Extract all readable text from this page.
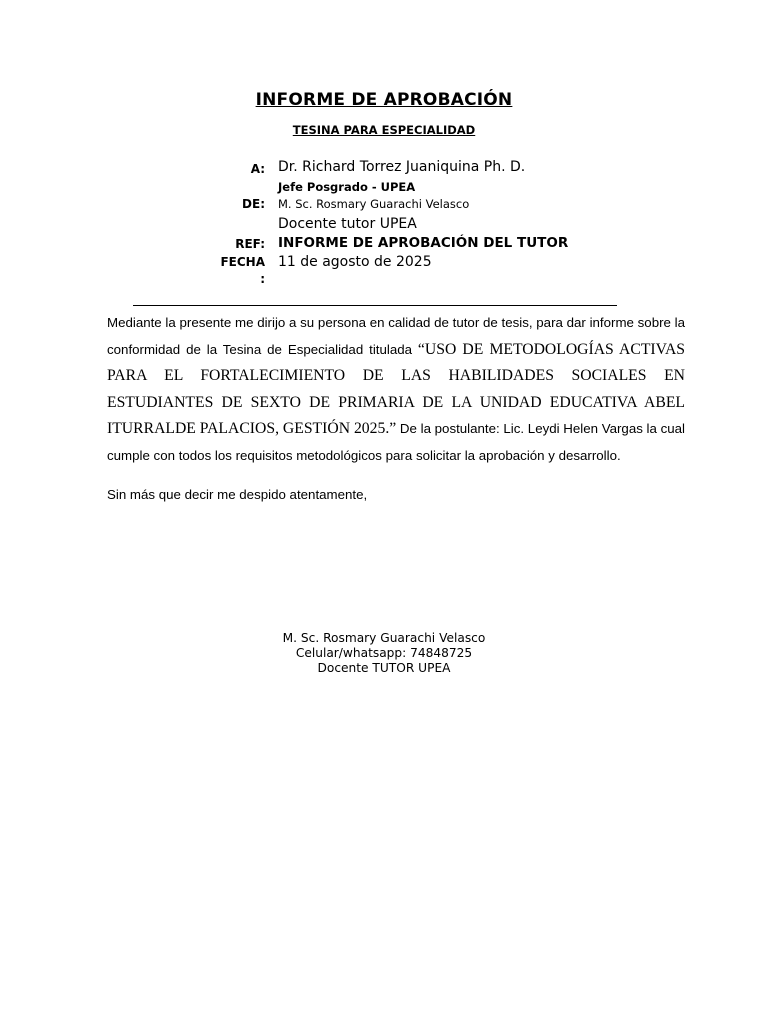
INFORME DE APROBACIÓN
TESINA PARA ESPECIALIDAD
A: Dr. Richard Torrez Juaniquina Ph. D.
Jefe Posgrado - UPEA
DE: M. Sc. Rosmary Guarachi Velasco
Docente tutor UPEA
REF: INFORME DE APROBACIÓN DEL TUTOR
FECHA
:
11 de agosto de 2025
Mediante la presente me dirijo a su persona en calidad de tutor de tesis, para dar informe sobre la conformidad de la Tesina de Especialidad titulada “USO DE METODOLOGÍAS ACTIVAS PARA EL FORTALECIMIENTO DE LAS HABILIDADES SOCIALES EN ESTUDIANTES DE SEXTO DE PRIMARIA DE LA UNIDAD EDUCATIVA ABEL ITURRALDE PALACIOS, GESTIÓN 2025.” De la postulante: Lic. Leydi Helen Vargas la cual cumple con todos los requisitos metodológicos para solicitar la aprobación y desarrollo.
Sin más que decir me despido atentamente,
M. Sc. Rosmary Guarachi Velasco
Celular/whatsapp: 74848725
Docente TUTOR UPEA
